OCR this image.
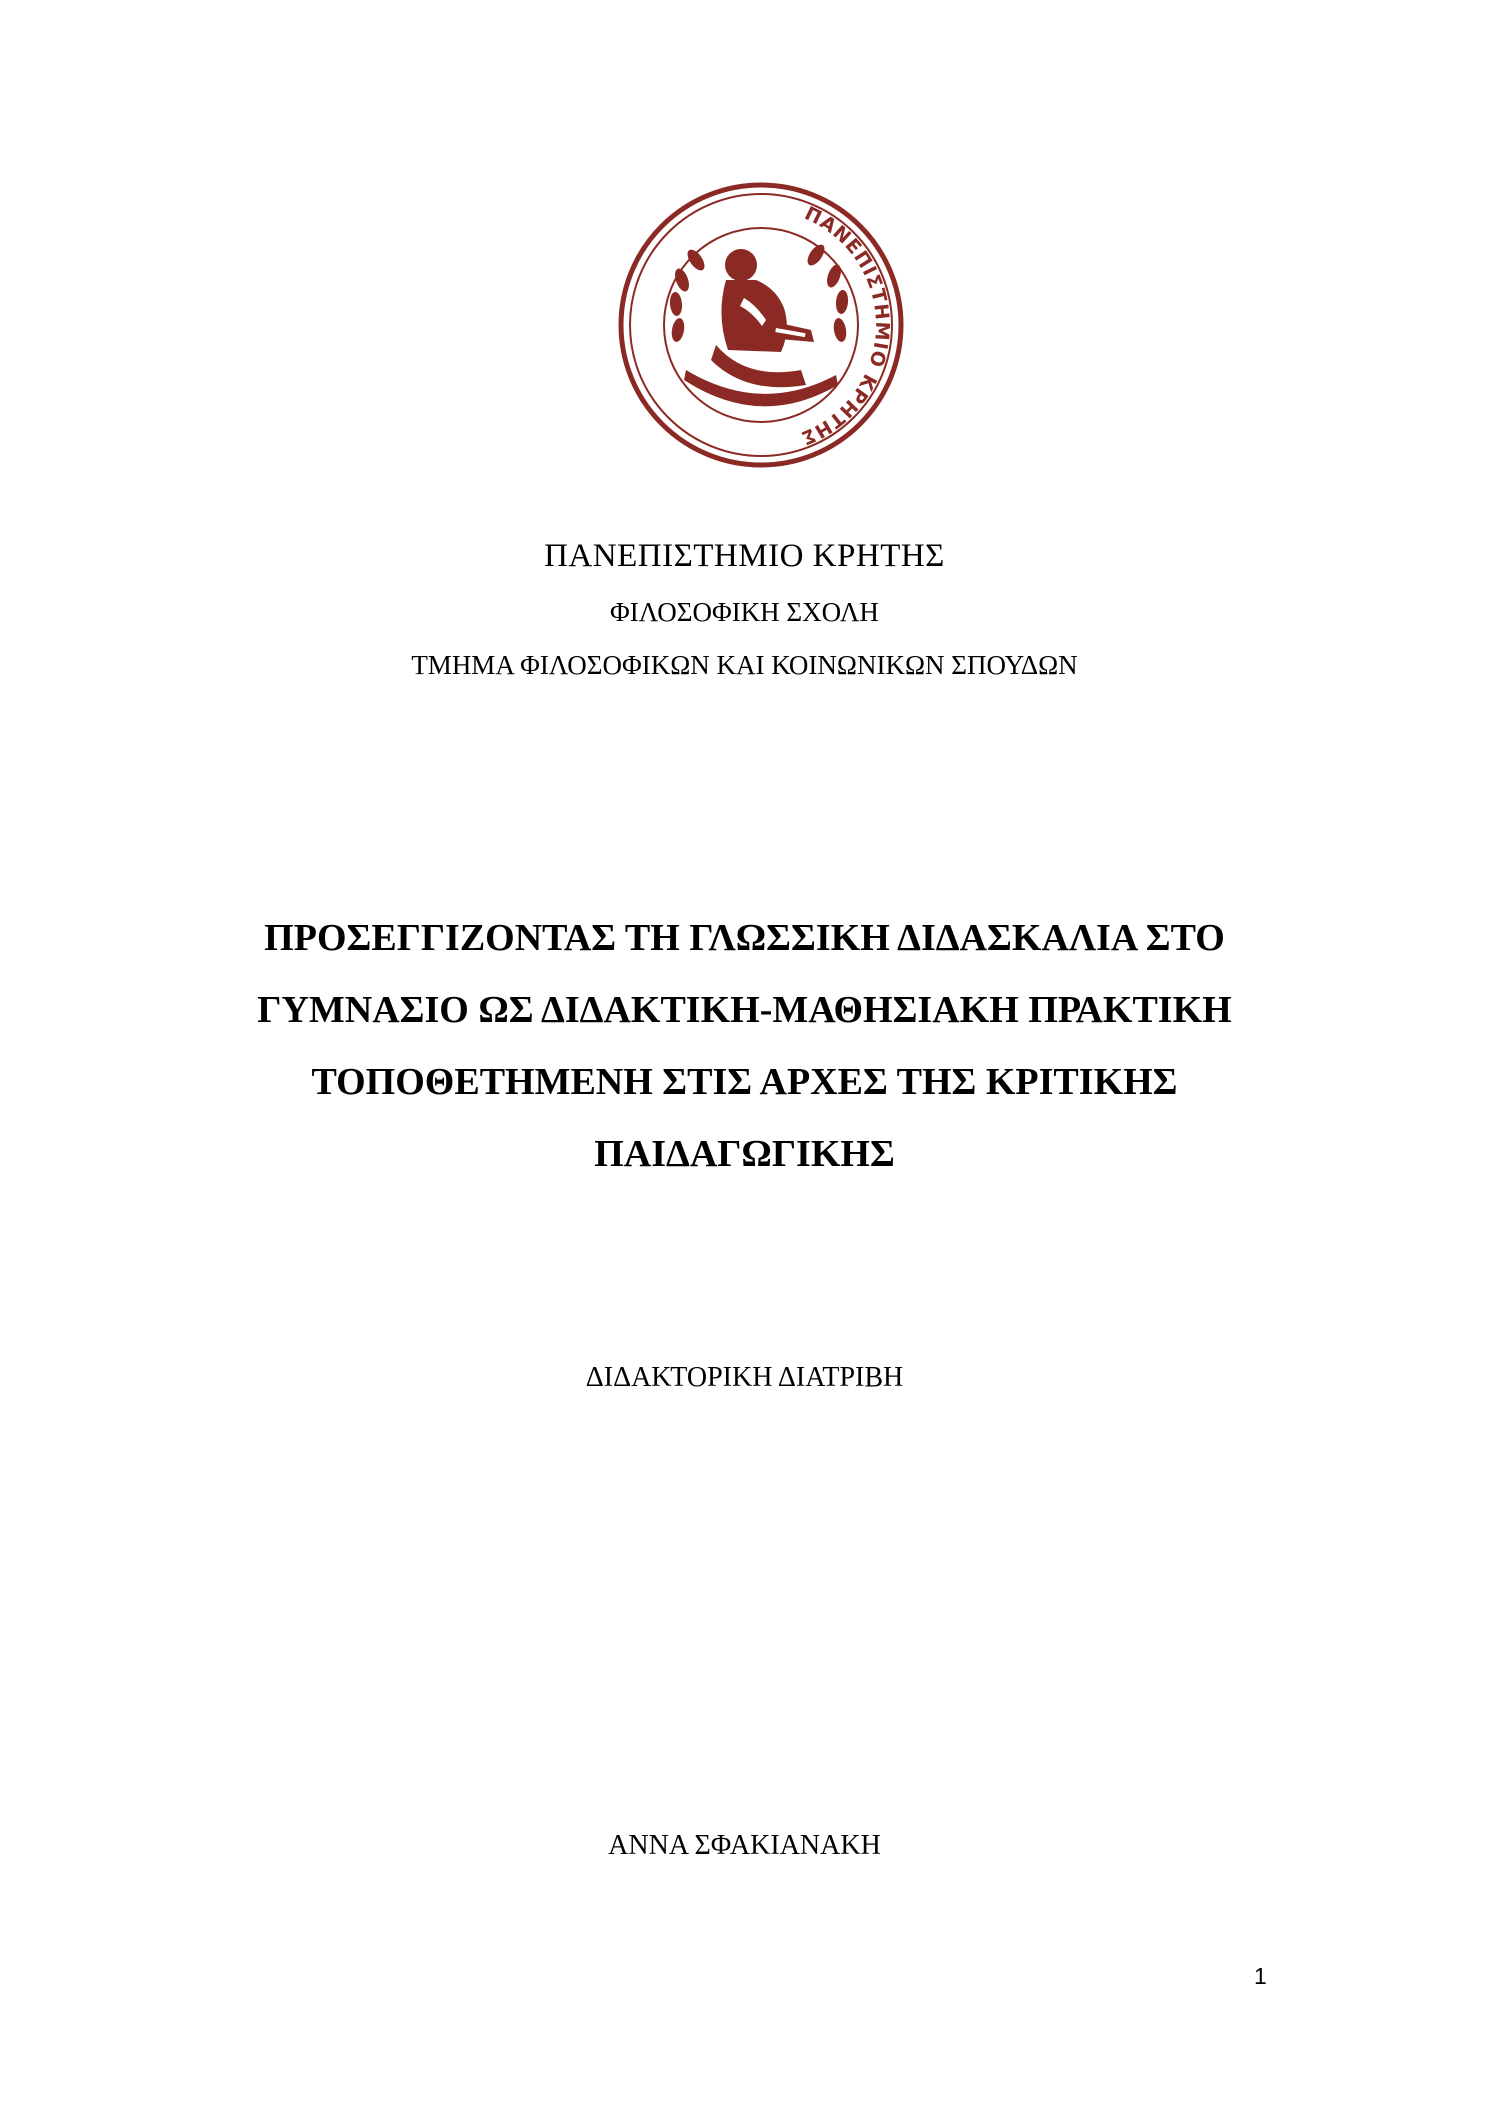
ΠΑΝΕΠΙΣΤΗΜΙΟ ΚΡΗΤΗΣ
ΠΑΝΕΠΙΣΤΗΜΙΟ ΚΡΗΤΗΣ
ΦΙΛΟΣΟΦΙΚΗ ΣΧΟΛΗ
ΤΜΗΜΑ ΦΙΛΟΣΟΦΙΚΩΝ ΚΑΙ ΚΟΙΝΩΝΙΚΩΝ ΣΠΟΥΔΩΝ
ΠΡΟΣΕΓΓΙΖΟΝΤΑΣ ΤΗ ΓΛΩΣΣΙΚΗ ΔΙΔΑΣΚΑΛΙΑ ΣΤΟ
ΓΥΜΝΑΣΙΟ ΩΣ ΔΙΔΑΚΤΙΚΗ-ΜΑΘΗΣΙΑΚΗ ΠΡΑΚΤΙΚΗ
ΤΟΠΟΘΕΤΗΜΕΝΗ ΣΤΙΣ ΑΡΧΕΣ ΤΗΣ ΚΡΙΤΙΚΗΣ
ΠΑΙΔΑΓΩΓΙΚΗΣ
ΔΙΔΑΚΤΟΡΙΚΗ ΔΙΑΤΡΙΒΗ
ΑΝΝΑ ΣΦΑΚΙΑΝΑΚΗ
1
